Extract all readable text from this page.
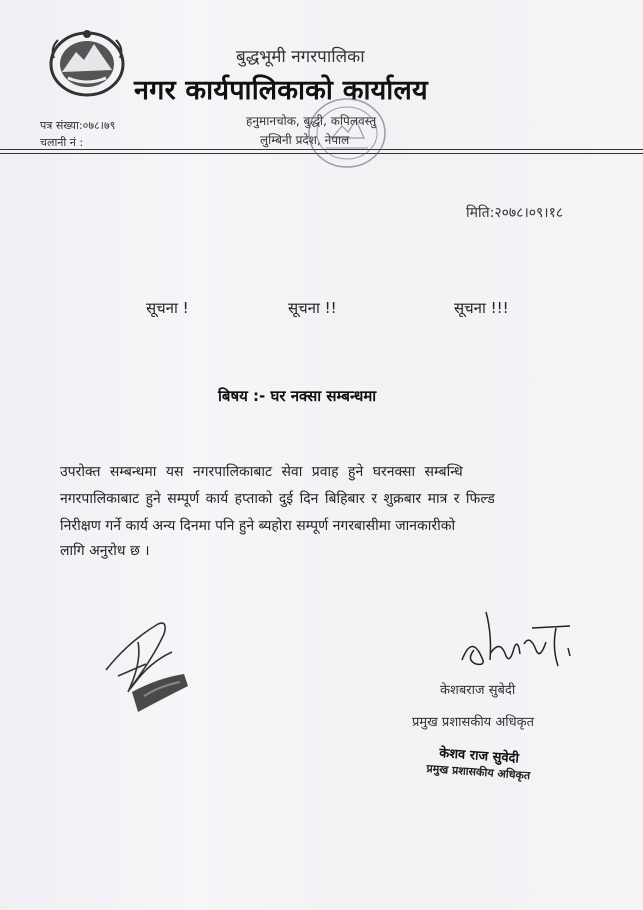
बुद्धभूमी नगरपालिका
नगर कार्यपालिकाको कार्यालय
हनुमानचोक, बुद्धी, कपिलवस्तु
लुम्बिनी प्रदेश, नेपाल
पत्र संख्या:०७८।७९
चलानी नं :
मिति:२०७८।०९।१८
सूचना !	सूचना !!	सूचना !!!
बिषय :- घर नक्सा सम्बन्धमा
उपरोक्त सम्बन्धमा यस नगरपालिकाबाट सेवा प्रवाह हुने घरनक्सा सम्बन्धि
नगरपालिकाबाट हुने सम्पूर्ण कार्य हप्ताको दुई दिन बिहिबार र शुक्रबार मात्र र फिल्ड
निरीक्षण गर्ने कार्य अन्य दिनमा पनि हुने ब्यहोरा सम्पूर्ण नगरबासीमा जानकारीको
लागि अनुरोध छ ।
केशबराज सुबेदी
प्रमुख प्रशासकीय अधिकृत
केशव राज सुवेदी
प्रमुख प्रशासकीय अधिकृत
